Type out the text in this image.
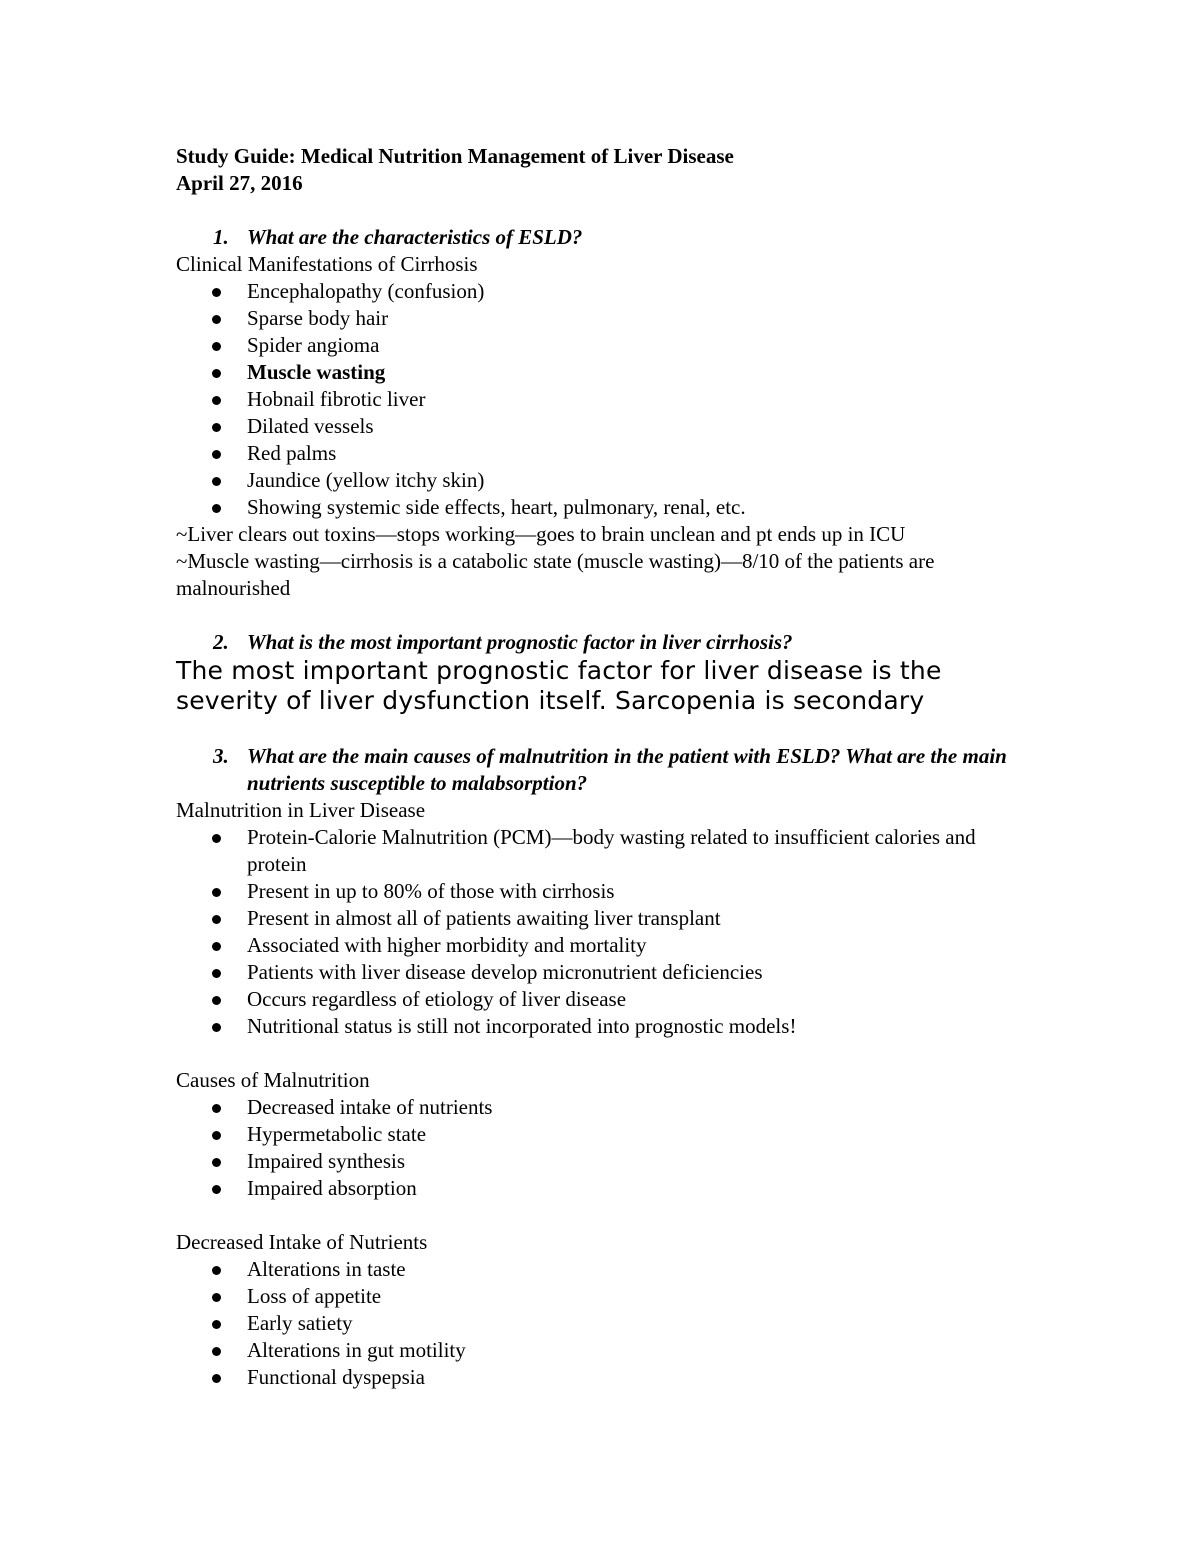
Study Guide: Medical Nutrition Management of Liver Disease

April 27, 2016

1. What are the characteristics of ESLD?

Clinical Manifestations of Cirrhosis

Encephalopathy (confusion)
Sparse body hair
Spider angioma
Muscle wasting
Hobnail fibrotic liver
Dilated vessels
Red palms
Jaundice (yellow itchy skin)
Showing systemic side effects, heart, pulmonary, renal, etc.

~Liver clears out toxins—stops working—goes to brain unclean and pt ends up in ICU

~Muscle wasting—cirrhosis is a catabolic state (muscle wasting)—8/10 of the patients are malnourished

2. What is the most important prognostic factor in liver cirrhosis?

The most important prognostic factor for liver disease is the severity of liver dysfunction itself. Sarcopenia is secondary

3. What are the main causes of malnutrition in the patient with ESLD? What are the main nutrients susceptible to malabsorption?

Malnutrition in Liver Disease

Protein-Calorie Malnutrition (PCM)—body wasting related to insufficient calories and protein
Present in up to 80% of those with cirrhosis
Present in almost all of patients awaiting liver transplant
Associated with higher morbidity and mortality
Patients with liver disease develop micronutrient deficiencies
Occurs regardless of etiology of liver disease
Nutritional status is still not incorporated into prognostic models!

Causes of Malnutrition

Decreased intake of nutrients
Hypermetabolic state
Impaired synthesis
Impaired absorption

Decreased Intake of Nutrients

Alterations in taste
Loss of appetite
Early satiety
Alterations in gut motility
Functional dyspepsia
